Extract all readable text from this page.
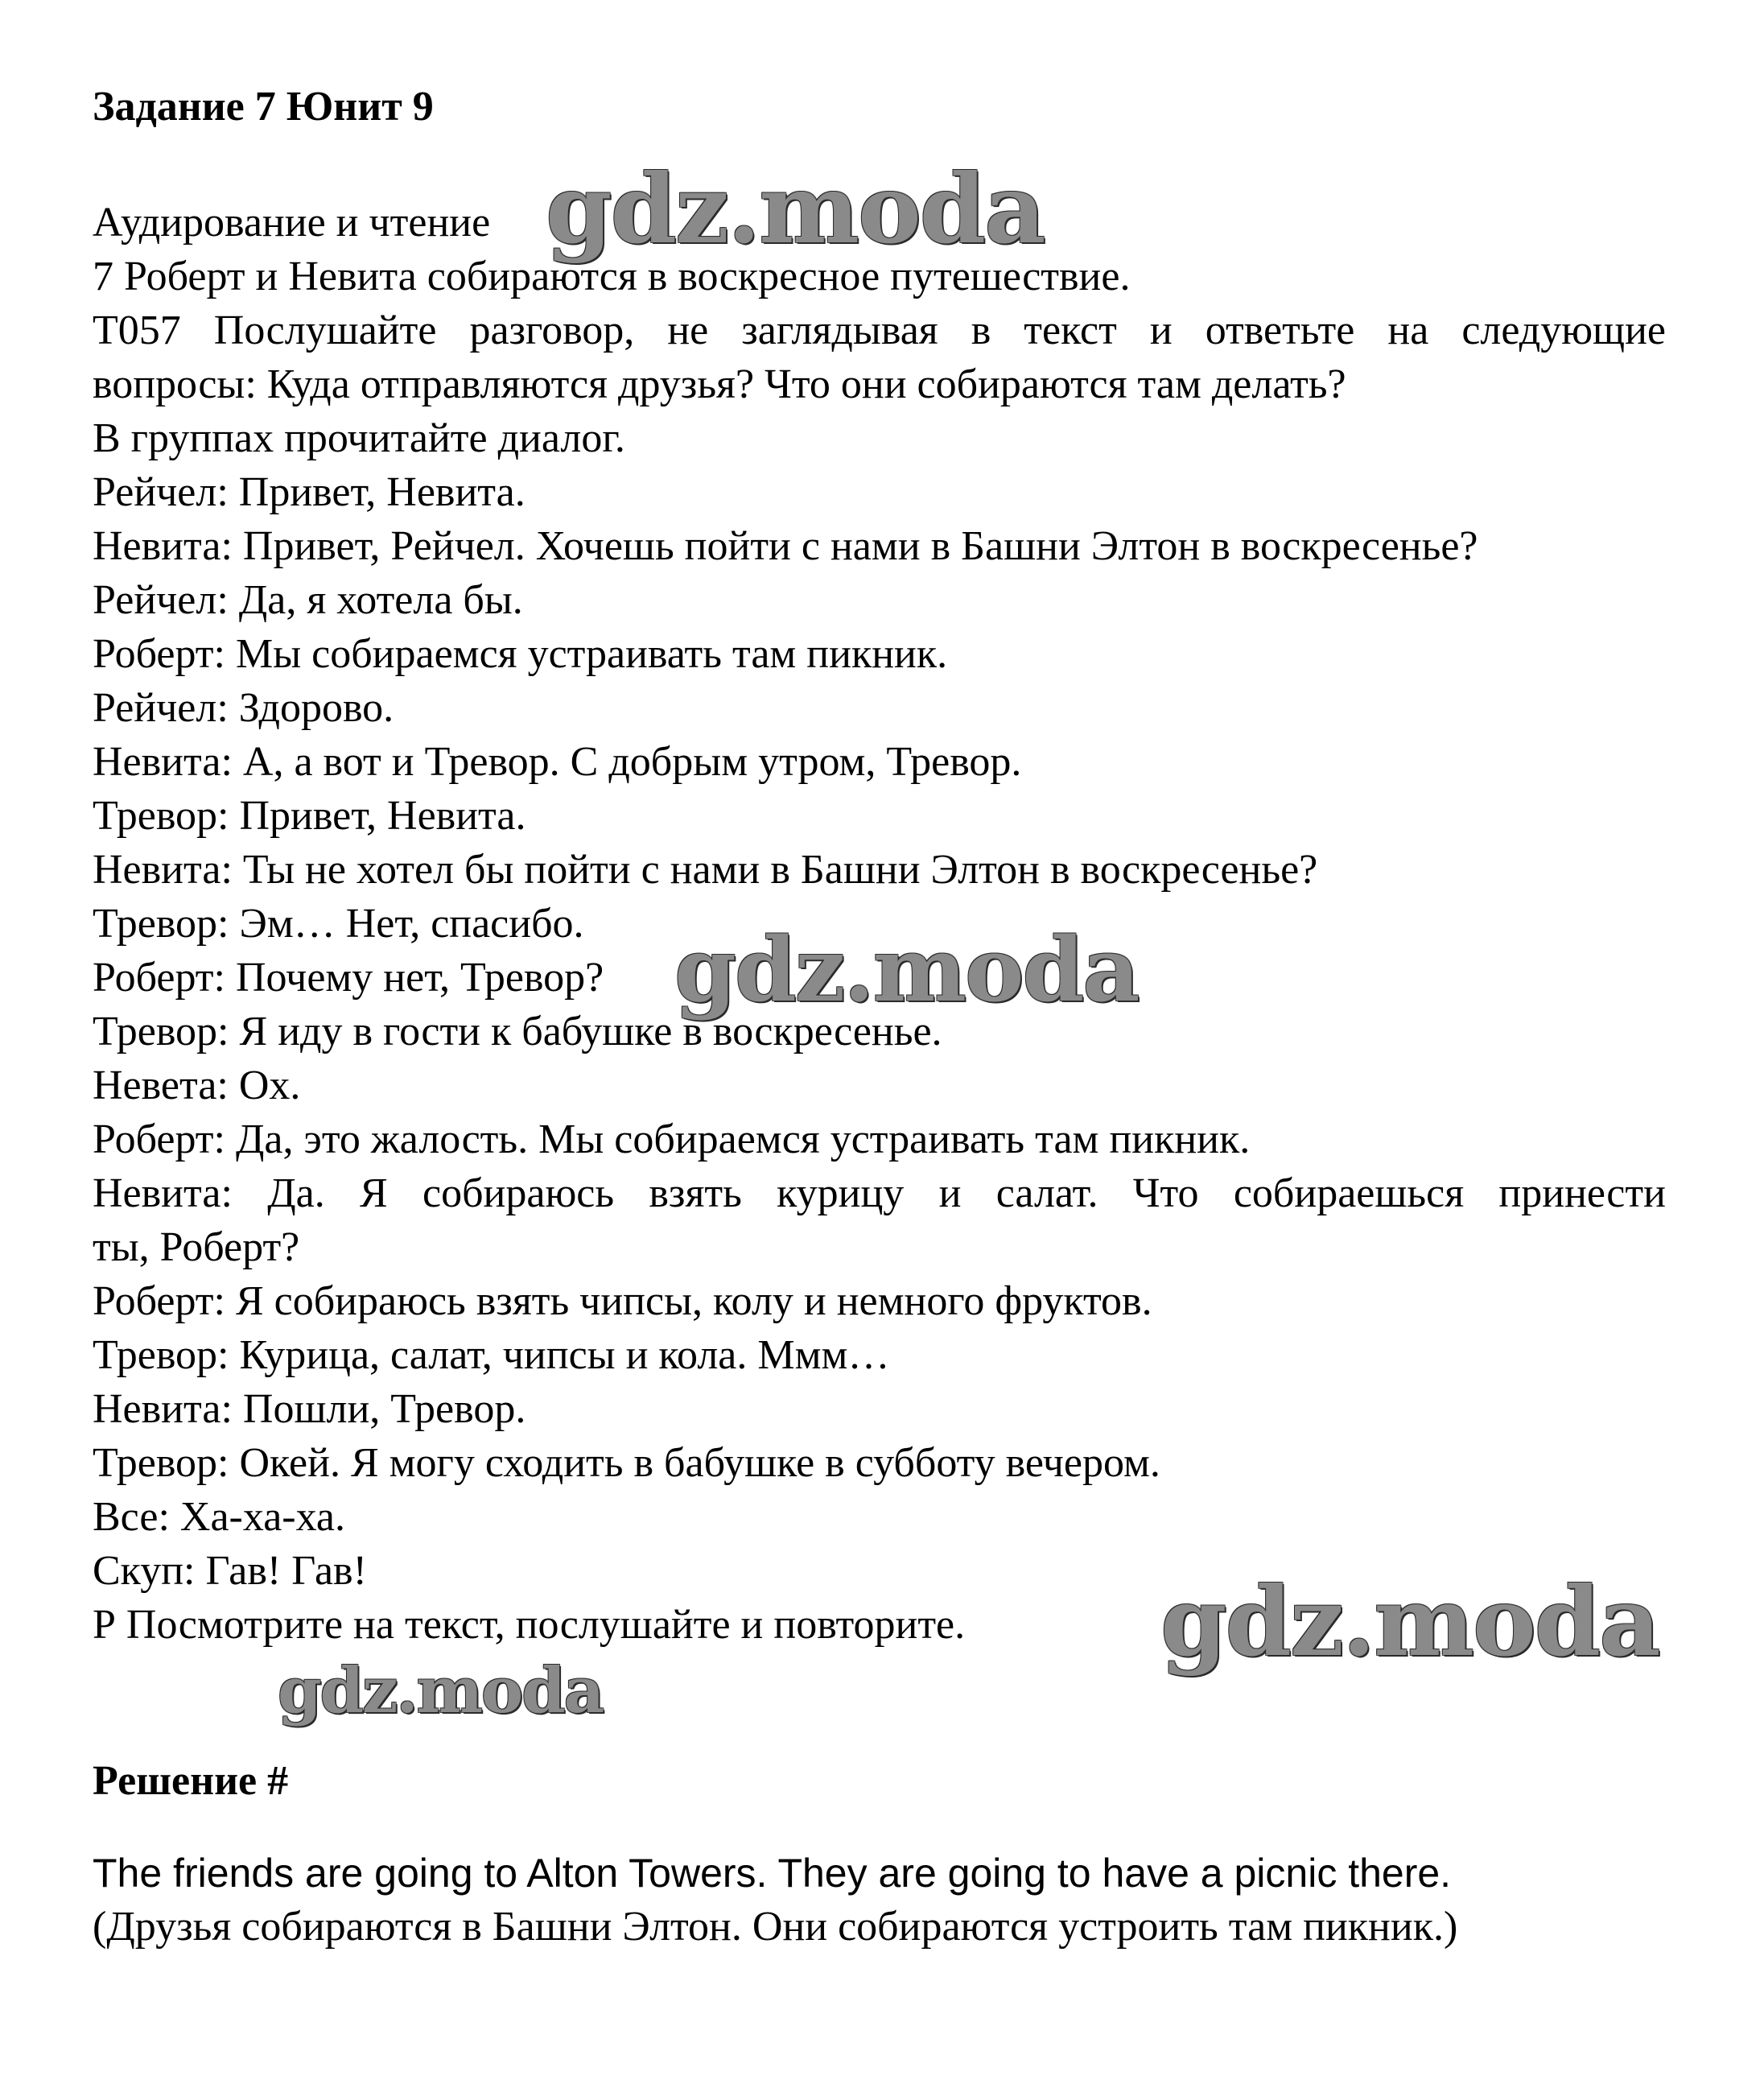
Задание 7 Юнит 9
Аудирование и чтение
7 Роберт и Невита собираются в воскресное путешествие.
Т057 Послушайте разговор, не заглядывая в текст и ответьте на следующие
вопросы: Куда отправляются друзья? Что они собираются там делать?
В группах прочитайте диалог.
Рейчел: Привет, Невита.
Невита: Привет, Рейчел. Хочешь пойти с нами в Башни Элтон в воскресенье?
Рейчел: Да, я хотела бы.
Роберт: Мы собираемся устраивать там пикник.
Рейчел: Здорово.
Невита: А, а вот и Тревор. С добрым утром, Тревор.
Тревор: Привет, Невита.
Невита: Ты не хотел бы пойти с нами в Башни Элтон в воскресенье?
Тревор: Эм… Нет, спасибо.
Роберт: Почему нет, Тревор?
Тревор: Я иду в гости к бабушке в воскресенье.
Невета: Ох.
Роберт: Да, это жалость. Мы собираемся устраивать там пикник.
Невита: Да. Я собираюсь взять курицу и салат. Что собираешься принести
ты, Роберт?
Роберт: Я собираюсь взять чипсы, колу и немного фруктов.
Тревор: Курица, салат, чипсы и кола. Ммм…
Невита: Пошли, Тревор.
Тревор: Окей. Я могу сходить в бабушке в субботу вечером.
Все: Ха-ха-ха.
Скуп: Гав! Гав!
Р Посмотрите на текст, послушайте и повторите.
Решение #
The friends are going to Alton Towers. They are going to have a picnic there.
(Друзья собираются в Башни Элтон. Они собираются устроить там пикник.)
gdz.moda
gdz.moda
gdz.moda
gdz.moda
